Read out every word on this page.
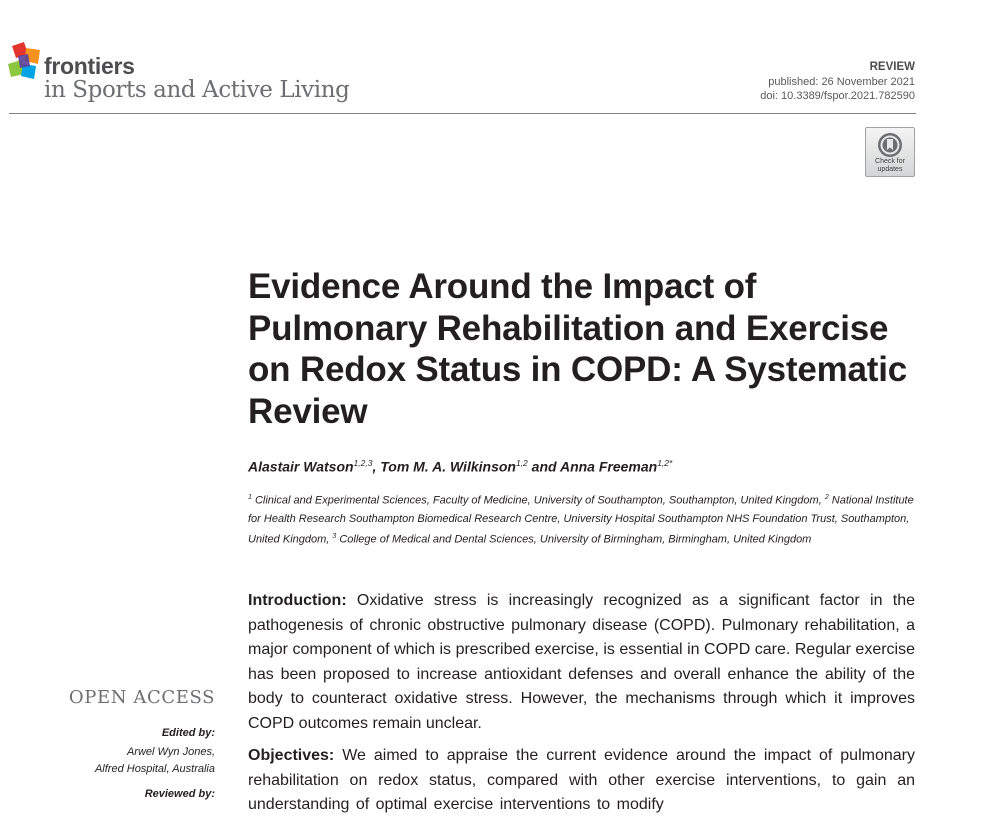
frontiers
in Sports and Active Living
REVIEW
published: 26 November 2021
doi: 10.3389/fspor.2021.782590
Check for
updates
Evidence Around the Impact of Pulmonary Rehabilitation and Exercise on Redox Status in COPD: A Systematic Review
Alastair Watson$^{1,2,3}$, Tom M. A. Wilkinson$^{1,2}$ and Anna Freeman$^{1,2*}$
$^1$ Clinical and Experimental Sciences, Faculty of Medicine, University of Southampton, Southampton, United Kingdom, $^2$ National Institute for Health Research Southampton Biomedical Research Centre, University Hospital Southampton NHS Foundation Trust, Southampton, United Kingdom, $^3$ College of Medical and Dental Sciences, University of Birmingham, Birmingham, United Kingdom

Introduction: Oxidative stress is increasingly recognized as a significant factor in the pathogenesis of chronic obstructive pulmonary disease (COPD). Pulmonary rehabilitation, a major component of which is prescribed exercise, is essential in COPD care. Regular exercise has been proposed to increase antioxidant defenses and overall enhance the ability of the body to counteract oxidative stress. However, the mechanisms through which it improves COPD outcomes remain unclear.

Objectives: We aimed to appraise the current evidence around the impact of pulmonary rehabilitation on redox status, compared with other exercise interventions, to gain an understanding of optimal exercise interventions to modify

OPEN ACCESS
Edited by:
Arwel Wyn Jones,
Alfred Hospital, Australia
Reviewed by:
